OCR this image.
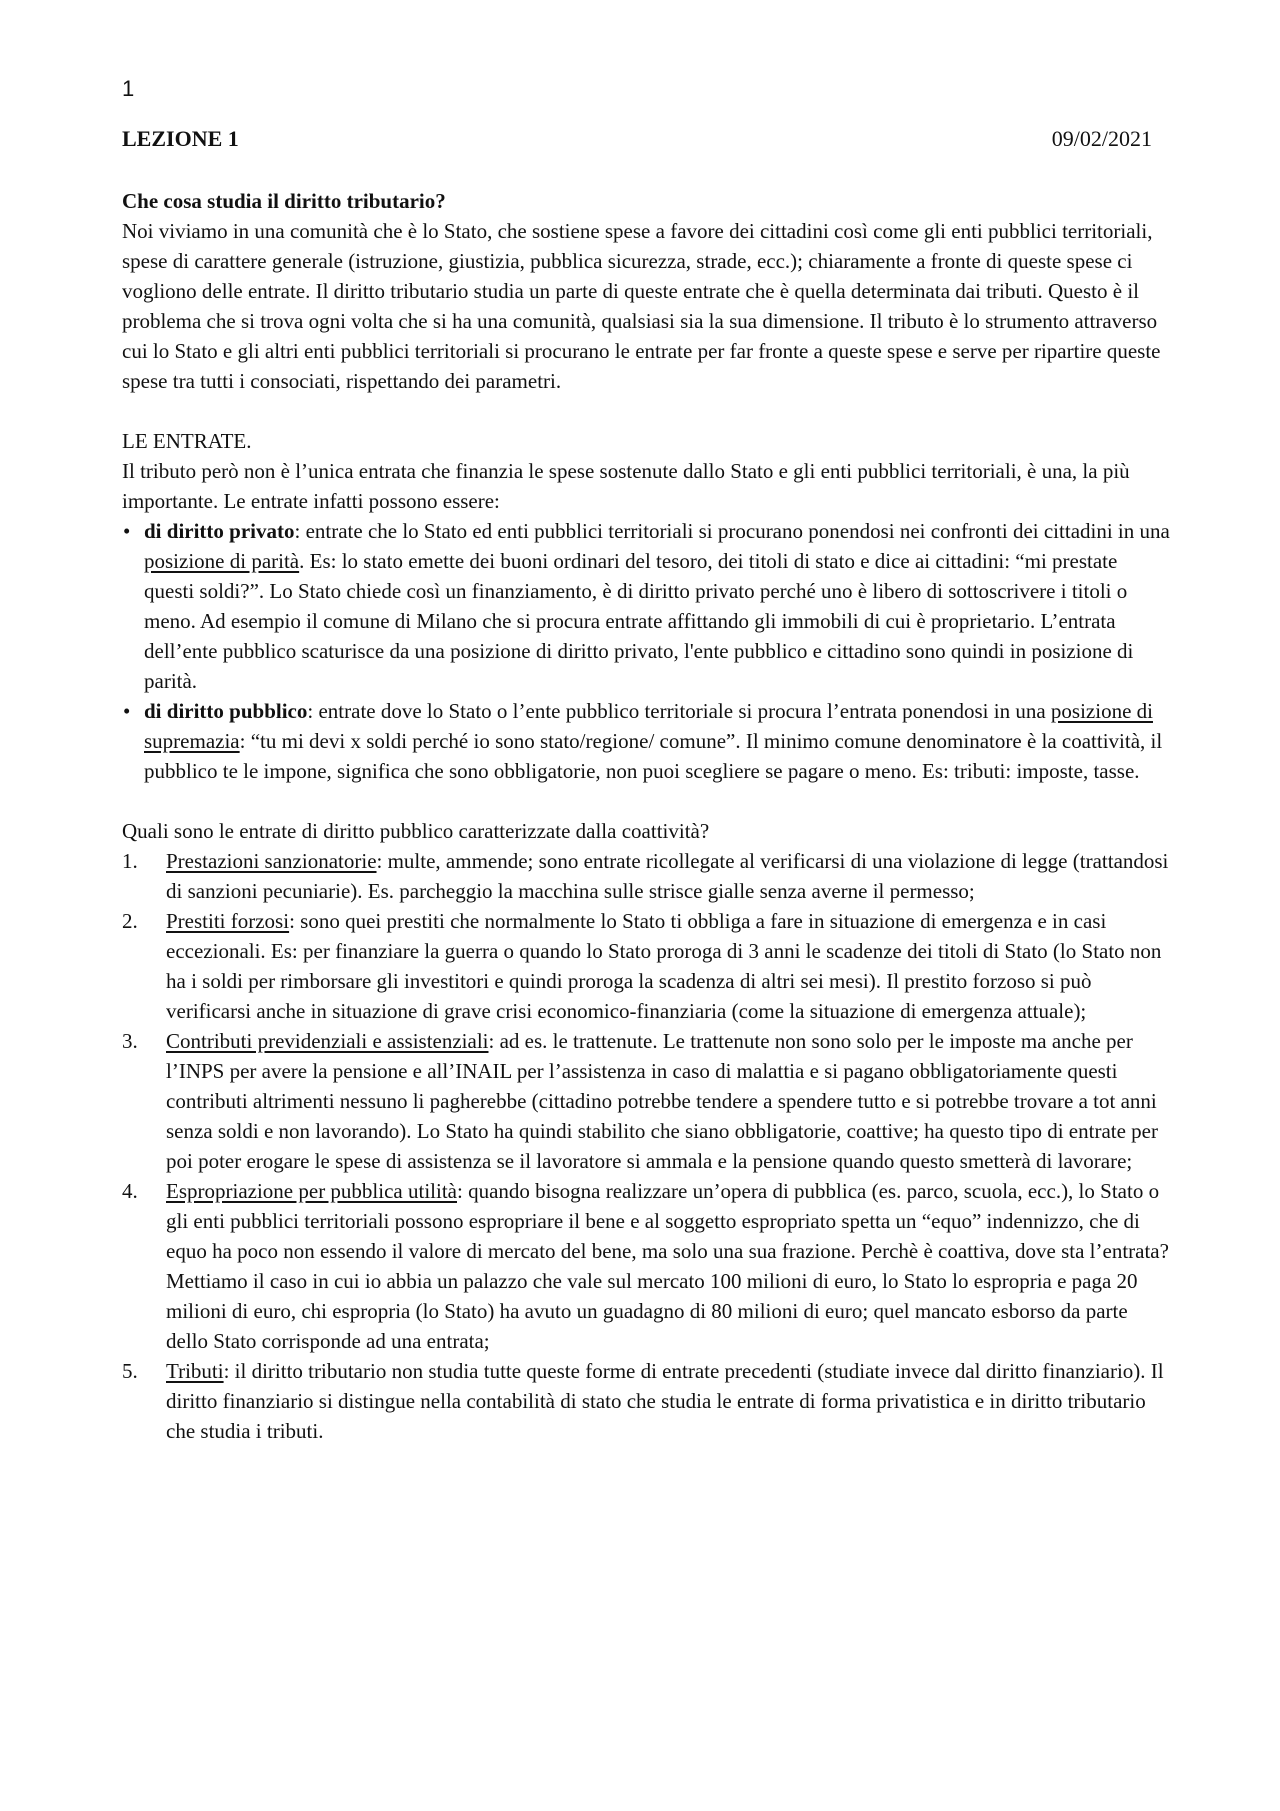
1
LEZIONE 1	09/02/2021

Che cosa studia il diritto tributario?

Noi viviamo in una comunità che è lo Stato, che sostiene spese a favore dei cittadini così come gli enti pubblici territoriali, spese di carattere generale (istruzione, giustizia, pubblica sicurezza, strade, ecc.); chiaramente a fronte di queste spese ci vogliono delle entrate. Il diritto tributario studia un parte di queste entrate che è quella determinata dai tributi. Questo è il problema che si trova ogni volta che si ha una comunità, qualsiasi sia la sua dimensione. Il tributo è lo strumento attraverso cui lo Stato e gli altri enti pubblici territoriali si procurano le entrate per far fronte a queste spese e serve per ripartire queste spese tra tutti i consociati, rispettando dei parametri.

LE ENTRATE.

Il tributo però non è l’unica entrata che finanzia le spese sostenute dallo Stato e gli enti pubblici territoriali, è una, la più importante. Le entrate infatti possono essere:

• di diritto privato: entrate che lo Stato ed enti pubblici territoriali si procurano ponendosi nei confronti dei cittadini in una posizione di parità. Es: lo stato emette dei buoni ordinari del tesoro, dei titoli di stato e dice ai cittadini: “mi prestate questi soldi?”. Lo Stato chiede così un finanziamento, è di diritto privato perché uno è libero di sottoscrivere i titoli o meno. Ad esempio il comune di Milano che si procura entrate affittando gli immobili di cui è proprietario. L’entrata dell’ente pubblico scaturisce da una posizione di diritto privato, l'ente pubblico e cittadino sono quindi in posizione di parità.
• di diritto pubblico: entrate dove lo Stato o l’ente pubblico territoriale si procura l’entrata ponendosi in una posizione di supremazia: “tu mi devi x soldi perché io sono stato/regione/ comune”. Il minimo comune denominatore è la coattività, il pubblico te le impone, significa che sono obbligatorie, non puoi scegliere se pagare o meno. Es: tributi: imposte, tasse.

Quali sono le entrate di diritto pubblico caratterizzate dalla coattività?

1. Prestazioni sanzionatorie: multe, ammende; sono entrate ricollegate al verificarsi di una violazione di legge (trattandosi di sanzioni pecuniarie). Es. parcheggio la macchina sulle strisce gialle senza averne il permesso;
2. Prestiti forzosi: sono quei prestiti che normalmente lo Stato ti obbliga a fare in situazione di emergenza e in casi eccezionali. Es: per finanziare la guerra o quando lo Stato proroga di 3 anni le scadenze dei titoli di Stato (lo Stato non ha i soldi per rimborsare gli investitori e quindi proroga la scadenza di altri sei mesi). Il prestito forzoso si può verificarsi anche in situazione di grave crisi economico-finanziaria (come la situazione di emergenza attuale);
3. Contributi previdenziali e assistenziali: ad es. le trattenute. Le trattenute non sono solo per le imposte ma anche per l’INPS per avere la pensione e all’INAIL per l’assistenza in caso di malattia e si pagano obbligatoriamente questi contributi altrimenti nessuno li pagherebbe (cittadino potrebbe tendere a spendere tutto e si potrebbe trovare a tot anni senza soldi e non lavorando). Lo Stato ha quindi stabilito che siano obbligatorie, coattive; ha questo tipo di entrate per poi poter erogare le spese di assistenza se il lavoratore si ammala e la pensione quando questo smetterà di lavorare;
4. Espropriazione per pubblica utilità: quando bisogna realizzare un’opera di pubblica (es. parco, scuola, ecc.), lo Stato o gli enti pubblici territoriali possono espropriare il bene e al soggetto espropriato spetta un “equo” indennizzo, che di equo ha poco non essendo il valore di mercato del bene, ma solo una sua frazione. Perchè è coattiva, dove sta l’entrata? Mettiamo il caso in cui io abbia un palazzo che vale sul mercato 100 milioni di euro, lo Stato lo espropria e paga 20 milioni di euro, chi espropria (lo Stato) ha avuto un guadagno di 80 milioni di euro; quel mancato esborso da parte dello Stato corrisponde ad una entrata;
5. Tributi: il diritto tributario non studia tutte queste forme di entrate precedenti (studiate invece dal diritto finanziario). Il diritto finanziario si distingue nella contabilità di stato che studia le entrate di forma privatistica e in diritto tributario che studia i tributi.
